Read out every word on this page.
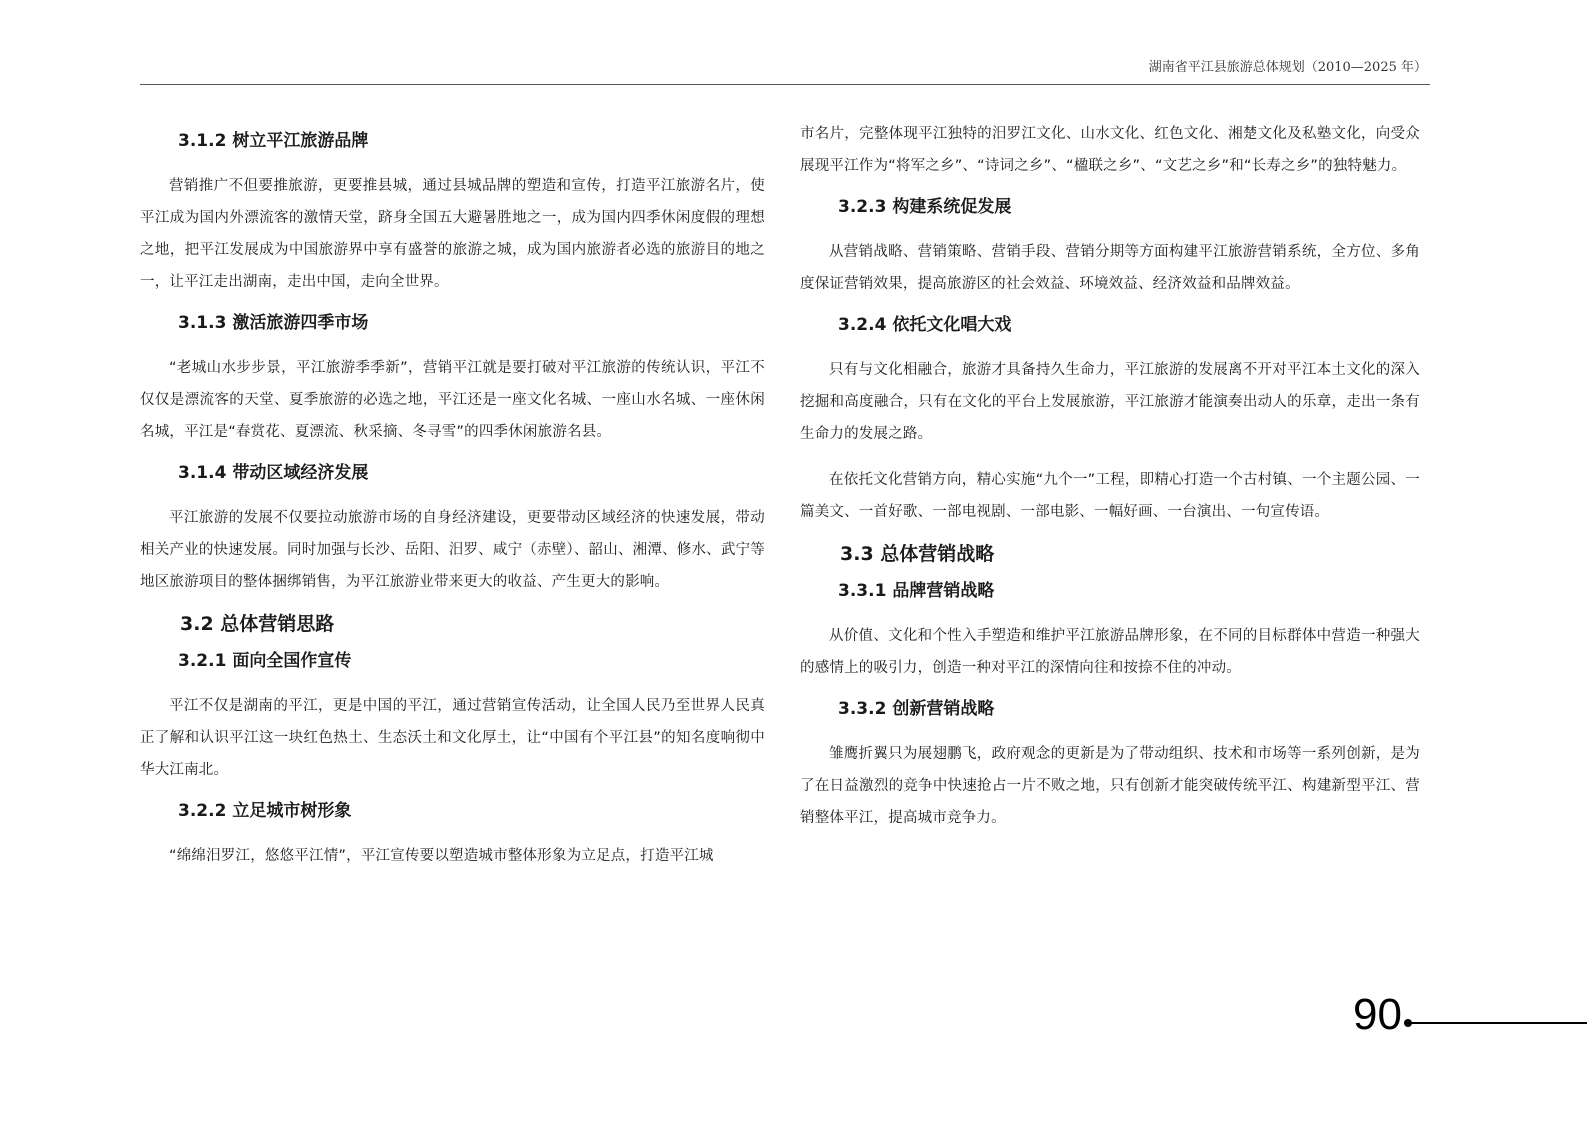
湖南省平江县旅游总体规划（2010—2025 年）
3.1.2 树立平江旅游品牌

营销推广不但要推旅游，更要推县城，通过县城品牌的塑造和宣传，打造平江旅游名片，使平江成为国内外漂流客的激情天堂，跻身全国五大避暑胜地之一，成为国内四季休闲度假的理想之地，把平江发展成为中国旅游界中享有盛誉的旅游之城，成为国内旅游者必选的旅游目的地之一，让平江走出湖南，走出中国，走向全世界。

3.1.3 激活旅游四季市场

“老城山水步步景，平江旅游季季新”，营销平江就是要打破对平江旅游的传统认识，平江不仅仅是漂流客的天堂、夏季旅游的必选之地，平江还是一座文化名城、一座山水名城、一座休闲名城，平江是“春赏花、夏漂流、秋采摘、冬寻雪”的四季休闲旅游名县。

3.1.4 带动区域经济发展

平江旅游的发展不仅要拉动旅游市场的自身经济建设，更要带动区域经济的快速发展，带动相关产业的快速发展。同时加强与长沙、岳阳、汨罗、咸宁（赤壁）、韶山、湘潭、修水、武宁等地区旅游项目的整体捆绑销售，为平江旅游业带来更大的收益、产生更大的影响。

3.2 总体营销思路
3.2.1 面向全国作宣传

平江不仅是湖南的平江，更是中国的平江，通过营销宣传活动，让全国人民乃至世界人民真正了解和认识平江这一块红色热土、生态沃土和文化厚土，让“中国有个平江县”的知名度响彻中华大江南北。

3.2.2 立足城市树形象

“绵绵汨罗江，悠悠平江情”，平江宣传要以塑造城市整体形象为立足点，打造平江城

市名片，完整体现平江独特的汨罗江文化、山水文化、红色文化、湘楚文化及私塾文化，向受众展现平江作为“将军之乡”、“诗词之乡”、“楹联之乡”、“文艺之乡”和“长寿之乡”的独特魅力。

3.2.3 构建系统促发展

从营销战略、营销策略、营销手段、营销分期等方面构建平江旅游营销系统，全方位、多角度保证营销效果，提高旅游区的社会效益、环境效益、经济效益和品牌效益。

3.2.4 依托文化唱大戏

只有与文化相融合，旅游才具备持久生命力，平江旅游的发展离不开对平江本土文化的深入挖掘和高度融合，只有在文化的平台上发展旅游，平江旅游才能演奏出动人的乐章，走出一条有生命力的发展之路。

在依托文化营销方向，精心实施“九个一”工程，即精心打造一个古村镇、一个主题公园、一篇美文、一首好歌、一部电视剧、一部电影、一幅好画、一台演出、一句宣传语。

3.3 总体营销战略
3.3.1 品牌营销战略

从价值、文化和个性入手塑造和维护平江旅游品牌形象，在不同的目标群体中营造一种强大的感情上的吸引力，创造一种对平江的深情向往和按捺不住的冲动。

3.3.2 创新营销战略

雏鹰折翼只为展翅鹏飞，政府观念的更新是为了带动组织、技术和市场等一系列创新，是为了在日益激烈的竞争中快速抢占一片不败之地，只有创新才能突破传统平江、构建新型平江、营销整体平江，提高城市竞争力。

90
